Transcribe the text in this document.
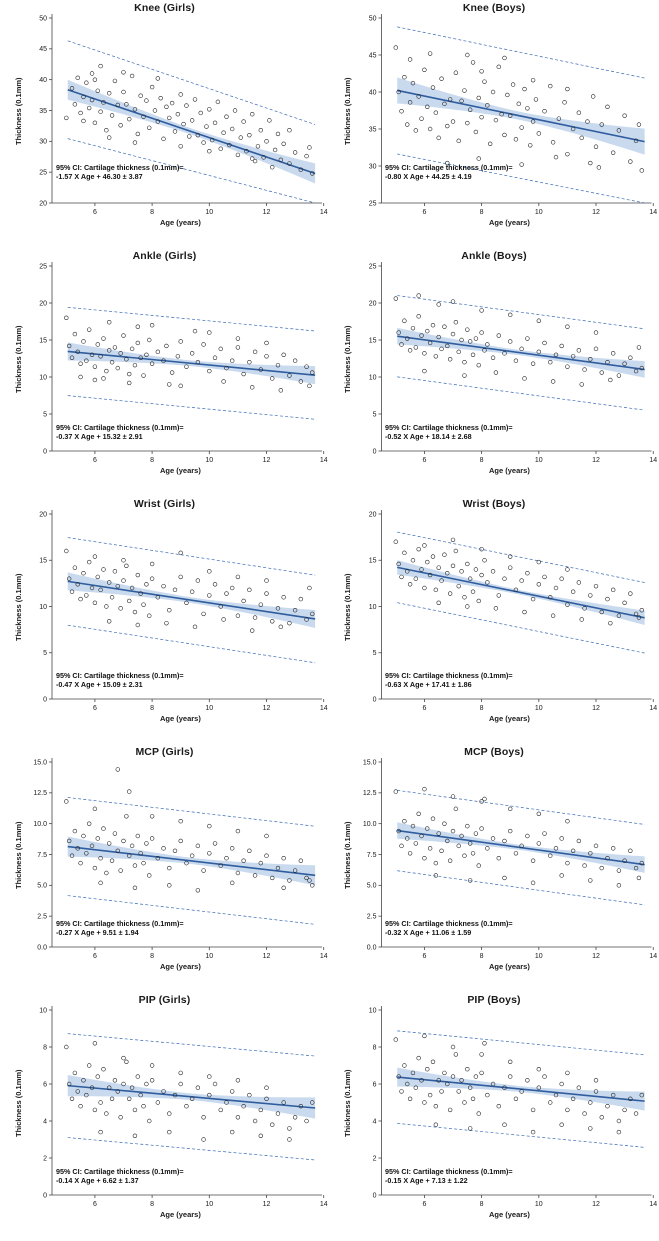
Knee (Girls)
20
25
30
35
40
45
50
6	8	10	12	14
Thickness (0.1mm)
Age (years)
95% CI: Cartilage thickness (0.1mm)=
-1.57 X Age + 46.30 ± 3.87
Knee (Boys)
25
30
35
40
45
50
6	8	10	12	14
Thickness (0.1mm)
Age (years)
95% CI: Cartilage thickness (0.1mm)=
-0.80 X Age + 44.25 ± 4.19
Ankle (Girls)
0
5
10
15
20
25
6	8	10	12	14
Thickness (0.1mm)
Age (years)
95% CI: Cartilage thickness (0.1mm)=
-0.37 X Age + 15.32 ± 2.91
Ankle (Boys)
0
5
10
15
20
25
6	8	10	12	14
Thickness (0.1mm)
Age (years)
95% CI: Cartilage thickness (0.1mm)=
-0.52 X Age + 18.14 ± 2.68
Wrist (Girls)
0
5
10
15
20
6	8	10	12	14
Thickness (0.1mm)
Age (years)
95% CI: Cartilage thickness (0.1mm)=
-0.47 X Age + 15.09 ± 2.31
Wrist (Boys)
0
5
10
15
20
6	8	10	12	14
Thickness (0.1mm)
Age (years)
95% CI: Cartilage thickness (0.1mm)=
-0.63 X Age + 17.41 ± 1.86
MCP (Girls)
0.0
2.5
5.0
7.5
10.0
12.5
15.0
6	8	10	12	14
Thickness (0.1mm)
Age (years)
95% CI: Cartilage thickness (0.1mm)=
-0.27 X Age + 9.51 ± 1.94
MCP (Boys)
0.0
2.5
5.0
7.5
10.0
12.5
15.0
6	8	10	12	14
Thickness (0.1mm)
Age (years)
95% CI: Cartilage thickness (0.1mm)=
-0.32 X Age + 11.06 ± 1.59
PIP (Girls)
0
2
4
6
8
10
6	8	10	12	14
Thickness (0.1mm)
Age (years)
95% CI: Cartilage thickness (0.1mm)=
-0.14 X Age + 6.62 ± 1.37
PIP (Boys)
0
2
4
6
8
10
6	8	10	12	14
Thickness (0.1mm)
Age (years)
95% CI: Cartilage thickness (0.1mm)=
-0.15 X Age + 7.13 ± 1.22
